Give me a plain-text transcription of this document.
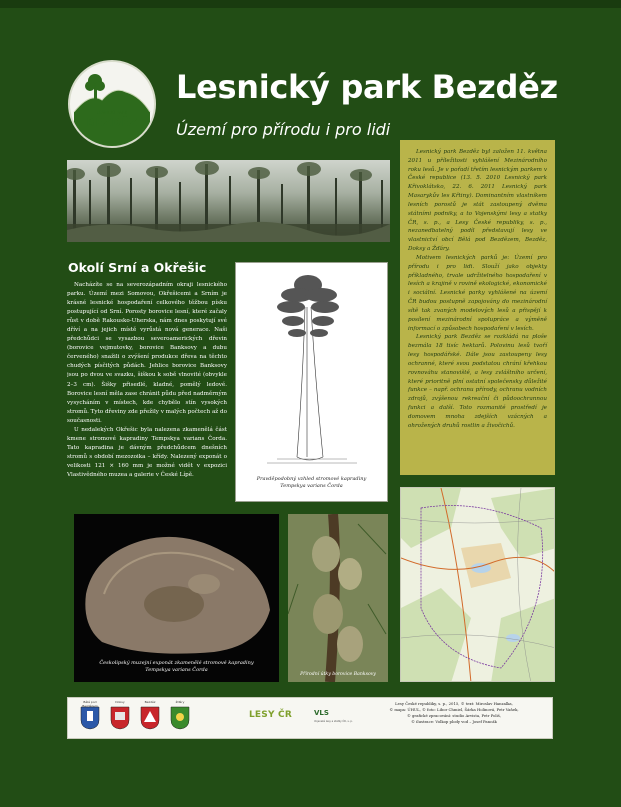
LESNICKÝ PARK
BEZDĚZ
Lesnický park Bezděz
Území pro přírodu i pro lidi

Lesnický park Bezděz byl založen 11. května 2011 u příležitosti vyhlášení Mezinárodního roku lesů. Je v pořadí třetím lesnickým parkem v České republice (13. 5. 2010 Lesnický park Křivoklátsko, 22. 6. 2011 Lesnický park Masarykův les Křtiny). Dominantním vlastníkem lesních porostů je stát zastoupený dvěma státními podniky, a to Vojenskými lesy a statky ČR, s. p., a Lesy České republiky, s. p., nezanedbatelný podíl představují lesy ve vlastnictví obcí Bělá pod Bezdězem, Bezděz, Doksy a Žďáry.

Motivem lesnických parků je: Území pro přírodu i pro lidi. Slouží jako objekty příkladného, trvale udržitelného hospodaření v lesích a krajině v rovině ekologické, ekonomické i sociální. Lesnické parky vyhlášené na území ČR budou postupně zapojovány do mezinárodní sítě tak zvaných modelových lesů a přispějí k posílení mezinárodní spolupráce a výměně informací o způsobech hospodaření v lesích.

Lesnický park Bezděz se rozkládá na ploše bezmála 18 tisíc hektarů. Polovinu lesů tvoří lesy hospodářské. Dále jsou zastoupeny lesy ochranné, které svou podstatou chrání křehkou rovnováhu stanoviště, a lesy zvláštního určení, které prioritně plní ostatní společensky důležité funkce – např. ochranu přírody, ochranu vodních zdrojů, zvýšenou rekreační či půdoochrannou funkci a další. Toto rozmanité prostředí je domovem mnoha zdejších vzácných a ohrožených druhů rostlin a živočichů.

Okolí Srní a Okřešic

Nacházíte se na severozápadním okraji lesnického parku. Území mezi Somovou, Okřešicemi a Srním je krásné lesnické hospodaření celkového těžbou písku postupující od Srní. Porosty borovice lesní, které začaly růst v době Rakousko-Uherska, nám dnes poskytují své dříví a na jejich místě vyrůstá nová generace. Naši předchůdci se vysazbou severoamerických dřevin (borovice vejmutovky, borovice Banksovy a dubu červeného) snažili o zvýšení produkce dřeva na těchto chudých písčitých půdách. Jehlice borovice Banksovy jsou po dvou ve svazku, šiškou k sobě vlnovité (obvykle 2–3 cm). Šišky přisedlé, kladné, pomělý ledové. Borovice lesní měla zase chránit půdu před nadměrným vysycháním v místech, kde chybělo stín vysokých stromů. Tyto dřeviny zde přežily v malých počtech až do současnosti.

U nedalekých Okřešic byla nalezena zkamenělá část kmene stromové kapradiny Tempskya varians Čorda. Tato kapradina je dávným předchůdcem dnešních stromů s období mezozoika – křídy. Nalezený exponát o velikosti 121 × 160 mm je možné vidět v expozici Vlastivědného muzea a galerie v České Lípě.

Pravděpodobný vzhled stromové kapradiny
Tempskya varians Čorda
Českolipský muzejní exponát zkamenělé stromové kapradiny
Tempskya varians Čorda
Přírodní útky borovice Banksovy
Bělá pod Bezdězem
Doksy	Bezděz	Žďáry
LESY ČR	VLS
Vojenské lesy a statky ČR, s. p.
Lesy České republiky, s. p., 2015, © text: Miroslav Hanzalka,
© mapa: ÚHUL, © foto: Libor Chmiel, Šárka Holinová, Petr Vaňek,
© grafické zpracování: studio Arvista, Petr Poliš,
© ilustrace: Volkop plody vod – Josef Pancák
